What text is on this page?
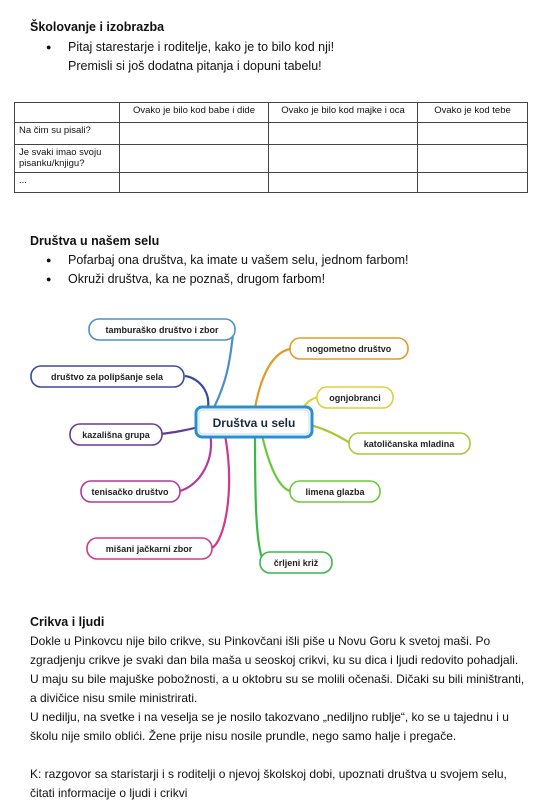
Školovanje i izobrazba
●	Pitaj starestarje i roditelje, kako je to bilo kod nji!
Premisli si još dodatna pitanja i dopuni tabelu!
	Ovako je bilo kod babe i dide	Ovako je bilo kod majke i oca	Ovako je kod tebe
Na čim su pisali?			
Je svaki imao svoju pisanku/knjigu?			
...			
Društva u našem selu
● Pofarbaj ona društva, ka imate u vašem selu, jednom farbom!
● Okruži društva, ka ne poznaš, drugom farbom!
tamburaško društvo i zbor
društvo za polipšanje sela
kazališna grupa
tenisačko društvo
mišani jačkarni zbor
nogometno društvo
ognjobranci
katoličanska mladina
limena glazba
črljeni križ
Društva u selu
Crikva i ljudi
Dokle u Pinkovcu nije bilo crikve, su Pinkovčani išli piše u Novu Goru k svetoj maši. Po
zgradjenju crikve je svaki dan bila maša u seoskoj crikvi, ku su dica i ljudi redovito pohadjali.
U maju su bile majuške pobožnosti, a u oktobru su se molili očenaši. Dičaki su bili miništranti,
a divičice nisu smile ministrirati.
U nedilju, na svetke i na veselja se je nosilo takozvano „nediljno rublje“, ko se u tajednu i u
školu nije smilo oblići. Žene prije nisu nosile prundle, nego samo halje i pregače.
K: razgovor sa staristarji i s roditelji o njevoj školskoj dobi, upoznati društva u svojem selu,
čitati informacije o ljudi i crikvi
